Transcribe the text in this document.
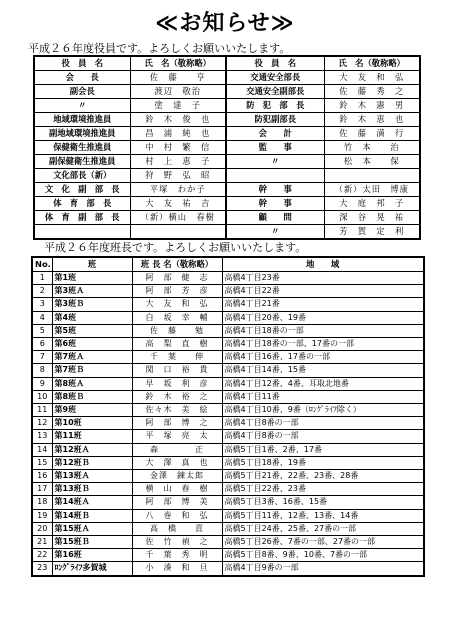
≪お知らせ≫
平成２６年度役員です。よろしくお願いいたします。
役　員　名	氏　名（敬称略）	役　員　名	氏　名（敬称略）
会　　長	佐　藤　　亨	交通安全部長	大　友　和　弘
副会長	渡辺　敬治	交通安全副部長	佐　藤　秀　之
〃	塗　達　子	防　犯　部　長	鈴　木　憲　男
地域環境推進員	鈴　木　俊　也	防犯副部長	鈴　木　恵　也
副地域環境推進員	昌　浦　純　也	会　　計	佐　藤　満　行
保健衛生推進員	中　村　繁　信	監　　事	竹　本　　治
副保健衛生推進員	村　上　恵　子	〃	松　本　　保
文化部長（新）	狩　野　弘　昭		
文　化　副　部　長	平塚　わか子	幹　　事	（新）太田　博康
体　育　部　長	大　友　祐　吉	幹　　事	大　庭　邦　子
体　育　副　部　長	（新）横山　春樹	顧　　問	深　谷　晃　祐
		〃	芳　賀　定　利
平成２６年度班長です。よろしくお願いいたします。
No.	班	班 長 名（敬称略）	地　　域
1	第1班	阿　部　健　志	高橋4丁目23番
2	第3班Ａ	阿　部　芳　彦	高橋4丁目22番
3	第3班Ｂ	大　友　和　弘	高橋4丁目21番
4	第4班	白　坂　幸　輔	高橋4丁目20番、19番
5	第5班	佐　藤　　勉	高橋4丁目18番の一部
6	第6班	高　梨　直　樹	高橋4丁目18番の一部、17番の一部
7	第7班Ａ	千　葉　　伸	高橋4丁目16番、17番の一部
8	第7班Ｂ	関　口　裕　貴	高橋4丁目14番、15番
9	第8班Ａ	早　坂　利　彦	高橋4丁目12番、4番、耳取北地番
10	第8班Ｂ	鈴　木　裕　之	高橋4丁目11番
11	第9班	佐々木　美　絵	高橋4丁目10番、9番（ﾛﾝｸﾞﾗｲﾌ除く）
12	第10班	阿　部　博　之	高橋4丁目8番の一部
13	第11班	平　塚　亮　太	高橋4丁目8番の一部
14	第12班Ａ	森　　　　正	高橋5丁目1番、2番、17番
15	第12班Ｂ	大　澤　真　也	高橋5丁目18番、19番
16	第13班Ａ	金澤　錬太郎	高橋5丁目21番、22番、23番、28番
17	第13班Ｂ	横　山　春　樹	高橋5丁目22番、23番
18	第14班Ａ	阿　部　博　美	高橋5丁目3番、16番、15番
19	第14班Ｂ	八　巻　和　弘	高橋5丁目11番、12番、13番、14番
20	第15班Ａ	高　橋　　貢	高橋5丁目24番、25番、27番の一部
21	第15班Ｂ	佐　竹　禎　之	高橋5丁目26番、7番の一部、27番の一部
22	第16班	千　葉　秀　明	高橋5丁目8番、9番、10番、7番の一部
23	ﾛﾝｸﾞﾗｲﾌ多賀城	小　湊　和　旦	高橋4丁目9番の一部
